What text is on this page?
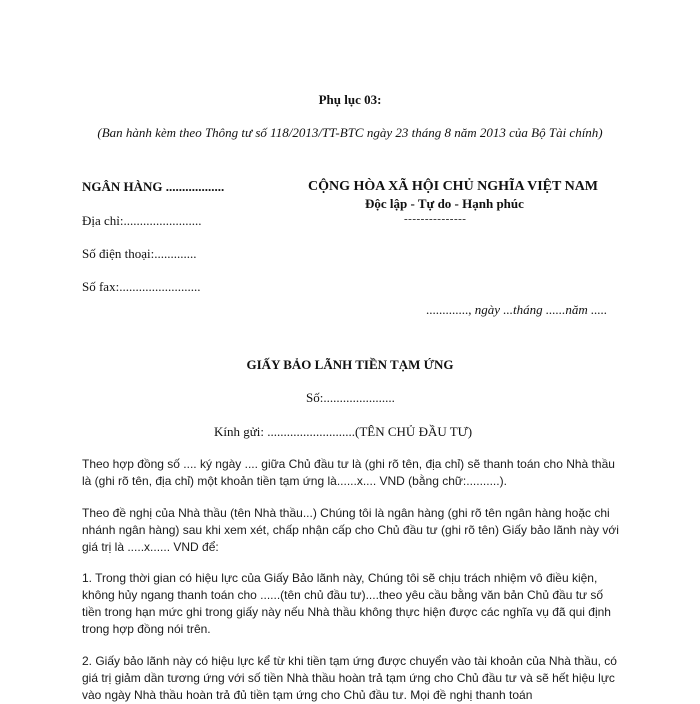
Phụ lục 03:
(Ban hành kèm theo Thông tư số 118/2013/TT-BTC ngày 23 tháng 8 năm 2013 của Bộ Tài chính)
NGÂN HÀNG ..................	CỘNG HÒA XÃ HỘI CHỦ NGHĨA VIỆT NAM
Độc lập - Tự do - Hạnh phúc
---------------
Địa chỉ:........................
Số điện thoại:.............
Số fax:.........................
............., ngày ...tháng ......năm .....
GIẤY BẢO LÃNH TIỀN TẠM ỨNG
Số:......................
Kính gửi: ...........................(TÊN CHỦ ĐẦU TƯ)
Theo hợp đồng số .... ký ngày .... giữa Chủ đầu tư là (ghi rõ tên, địa chỉ) sẽ thanh toán cho Nhà thầu là (ghi rõ tên, địa chỉ) một khoản tiền tạm ứng là......x.... VND (bằng chữ:..........).
Theo đề nghị của Nhà thầu (tên Nhà thầu...) Chúng tôi là ngân hàng (ghi rõ tên ngân hàng hoặc chi nhánh ngân hàng) sau khi xem xét, chấp nhận cấp cho Chủ đầu tư (ghi rõ tên) Giấy bảo lãnh này với giá trị là .....x...... VND để:
1. Trong thời gian có hiệu lực của Giấy Bảo lãnh này, Chúng tôi sẽ chịu trách nhiệm vô điều kiện, không hủy ngang thanh toán cho ......(tên chủ đầu tư)....theo yêu cầu bằng văn bản Chủ đầu tư số tiền trong hạn mức ghi trong giấy này nếu Nhà thầu không thực hiện được các nghĩa vụ đã qui định trong hợp đồng nói trên.
2. Giấy bảo lãnh này có hiệu lực kể từ khi tiền tạm ứng được chuyển vào tài khoản của Nhà thầu, có giá trị giảm dần tương ứng với số tiền Nhà thầu hoàn trả tạm ứng cho Chủ đầu tư và sẽ hết hiệu lực vào ngày Nhà thầu hoàn trả đủ tiền tạm ứng cho Chủ đầu tư. Mọi đề nghị thanh toán
